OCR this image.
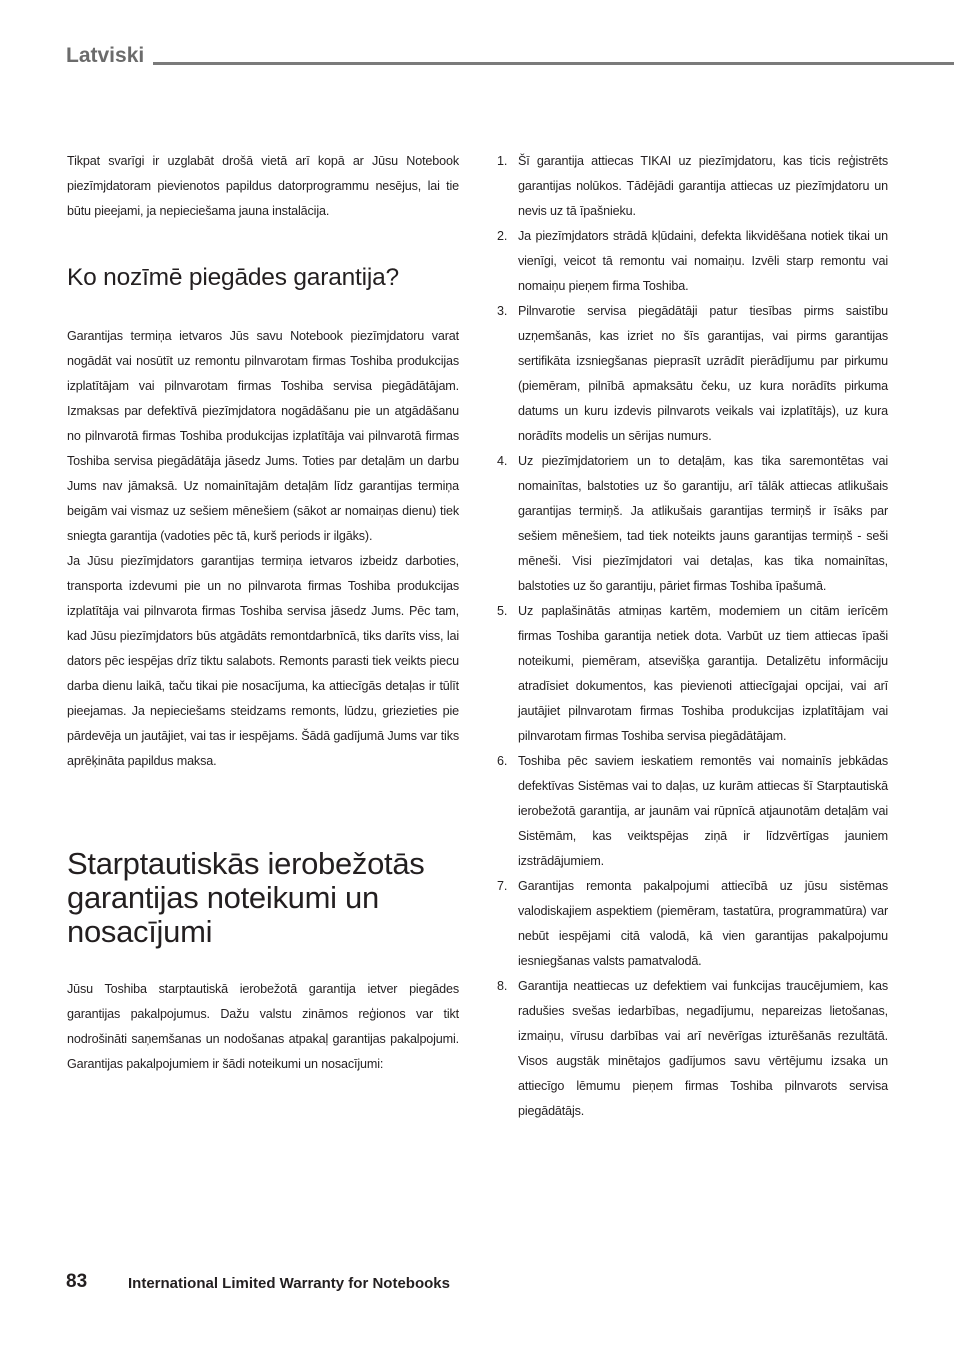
Latviski

Tikpat svarīgi ir uzglabāt drošā vietā arī kopā ar Jūsu Notebook piezīmjdatoram pievienotos papildus datorprogrammu nesējus, lai tie būtu pieejami, ja nepieciešama jauna instalācija.

Ko nozīmē piegādes garantija?

Garantijas termiņa ietvaros Jūs savu Notebook piezīmjdatoru varat nogādāt vai nosūtīt uz remontu pilnvarotam firmas Toshiba produkcijas izplatītājam vai pilnvarotam firmas Toshiba servisa piegādātājam. Izmaksas par defektīvā piezīmjdatora nogādāšanu pie un atgādāšanu no pilnvarotā firmas Toshiba produkcijas izplatītāja vai pilnvarotā firmas Toshiba servisa piegādātāja jāsedz Jums. Toties par detaļām un darbu Jums nav jāmaksā. Uz nomainītajām detaļām līdz garantijas termiņa beigām vai vismaz uz sešiem mēnešiem (sākot ar nomaiņas dienu) tiek sniegta garantija (vadoties pēc tā, kurš periods ir ilgāks).

Ja Jūsu piezīmjdators garantijas termiņa ietvaros izbeidz darboties, transporta izdevumi pie un no pilnvarota firmas Toshiba produkcijas izplatītāja vai pilnvarota firmas Toshiba servisa jāsedz Jums. Pēc tam, kad Jūsu piezīmjdators būs atgādāts remontdarbnīcā, tiks darīts viss, lai dators pēc iespējas drīz tiktu salabots. Remonts parasti tiek veikts piecu darba dienu laikā, taču tikai pie nosacījuma, ka attiecīgās detaļas ir tūlīt pieejamas. Ja nepieciešams steidzams remonts, lūdzu, griezieties pie pārdevēja un jautājiet, vai tas ir iespējams. Šādā gadījumā Jums var tiks aprēķināta papildus maksa.

Starptautiskās ierobežotās garantijas noteikumi un nosacījumi

Jūsu Toshiba starptautiskā ierobežotā garantija ietver piegādes garantijas pakalpojumus. Dažu valstu zināmos reģionos var tikt nodrošināti saņemšanas un nodošanas atpakaļ garantijas pakalpojumi. Garantijas pakalpojumiem ir šādi noteikumi un nosacījumi:

1. Šī garantija attiecas TIKAI uz piezīmjdatoru, kas ticis reģistrēts garantijas nolūkos. Tādējādi garantija attiecas uz piezīmjdatoru un nevis uz tā īpašnieku.
2. Ja piezīmjdators strādā kļūdaini, defekta likvidēšana notiek tikai un vienīgi, veicot tā remontu vai nomaiņu. Izvēli starp remontu vai nomaiņu pieņem firma Toshiba.
3. Pilnvarotie servisa piegādātāji patur tiesības pirms saistību uzņemšanās, kas izriet no šīs garantijas, vai pirms garantijas sertifikāta izsniegšanas pieprasīt uzrādīt pierādījumu par pirkumu (piemēram, pilnībā apmaksātu čeku, uz kura norādīts pirkuma datums un kuru izdevis pilnvarots veikals vai izplatītājs), uz kura norādīts modelis un sērijas numurs.
4. Uz piezīmjdatoriem un to detaļām, kas tika saremontētas vai nomainītas, balstoties uz šo garantiju, arī tālāk attiecas atlikušais garantijas termiņš. Ja atlikušais garantijas termiņš ir īsāks par sešiem mēnešiem, tad tiek noteikts jauns garantijas termiņš - seši mēneši. Visi piezīmjdatori vai detaļas, kas tika nomainītas, balstoties uz šo garantiju, pāriet firmas Toshiba īpašumā.
5. Uz paplašinātās atmiņas kartēm, modemiem un citām ierīcēm firmas Toshiba garantija netiek dota. Varbūt uz tiem attiecas īpaši noteikumi, piemēram, atsevišķa garantija. Detalizētu informāciju atradīsiet dokumentos, kas pievienoti attiecīgajai opcijai, vai arī jautājiet pilnvarotam firmas Toshiba produkcijas izplatītājam vai pilnvarotam firmas Toshiba servisa piegādātājam.
6. Toshiba pēc saviem ieskatiem remontēs vai nomainīs jebkādas defektīvas Sistēmas vai to daļas, uz kurām attiecas šī Starptautiskā ierobežotā garantija, ar jaunām vai rūpnīcā atjaunotām detaļām vai Sistēmām, kas veiktspējas ziņā ir līdzvērtīgas jauniem izstrādājumiem.
7. Garantijas remonta pakalpojumi attiecībā uz jūsu sistēmas valodiskajiem aspektiem (piemēram, tastatūra, programmatūra) var nebūt iespējami citā valodā, kā vien garantijas pakalpojumu iesniegšanas valsts pamatvalodā.
8. Garantija neattiecas uz defektiem vai funkcijas traucējumiem, kas radušies svešas iedarbības, negadījumu, nepareizas lietošanas, izmaiņu, vīrusu darbības vai arī nevērīgas izturēšanās rezultātā. Visos augstāk minētajos gadījumos savu vērtējumu izsaka un attiecīgo lēmumu pieņem firmas Toshiba pilnvarots servisa piegādātājs.
83	International Limited Warranty for Notebooks
